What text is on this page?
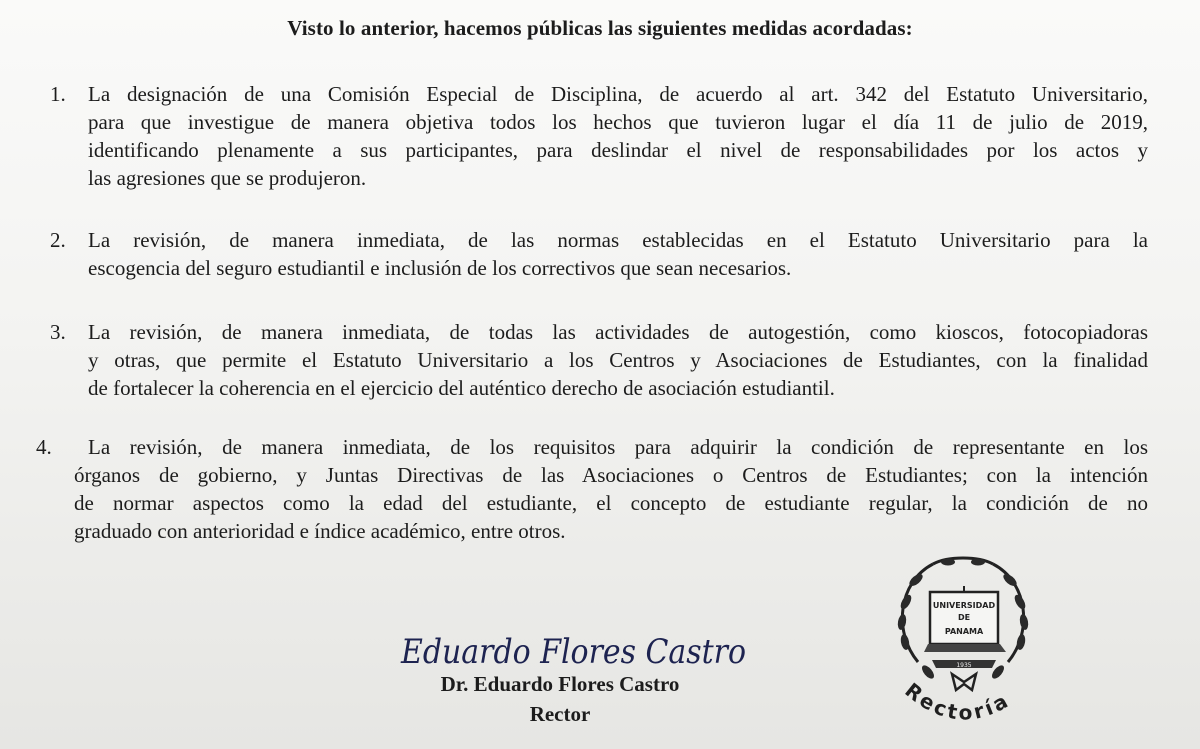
Visto lo anterior, hacemos públicas las siguientes medidas acordadas:
1. La designación de una Comisión Especial de Disciplina, de acuerdo al art. 342 del Estatuto Universitario,
para que investigue de manera objetiva todos los hechos que tuvieron lugar el día 11 de julio de 2019,
identificando plenamente a sus participantes, para deslindar el nivel de responsabilidades por los actos y
las agresiones que se produjeron.
2. La revisión, de manera inmediata, de las normas establecidas en el Estatuto Universitario para la
escogencia del seguro estudiantil e inclusión de los correctivos que sean necesarios.
3. La revisión, de manera inmediata, de todas las actividades de autogestión, como kioscos, fotocopiadoras
y otras, que permite el Estatuto Universitario a los Centros y Asociaciones de Estudiantes, con la finalidad
de fortalecer la coherencia en el ejercicio del auténtico derecho de asociación estudiantil.
4.	La revisión, de manera inmediata, de los requisitos para adquirir la condición de representante en los
órganos de gobierno, y Juntas Directivas de las Asociaciones o Centros de Estudiantes; con la intención
de normar aspectos como la edad del estudiante, el concepto de estudiante regular, la condición de no
graduado con anterioridad e índice académico, entre otros.
Eduardo Flores Castro
Dr. Eduardo Flores Castro
Rector
UNIVERSIDAD
DE
PANAMA
1935
Rectoría
